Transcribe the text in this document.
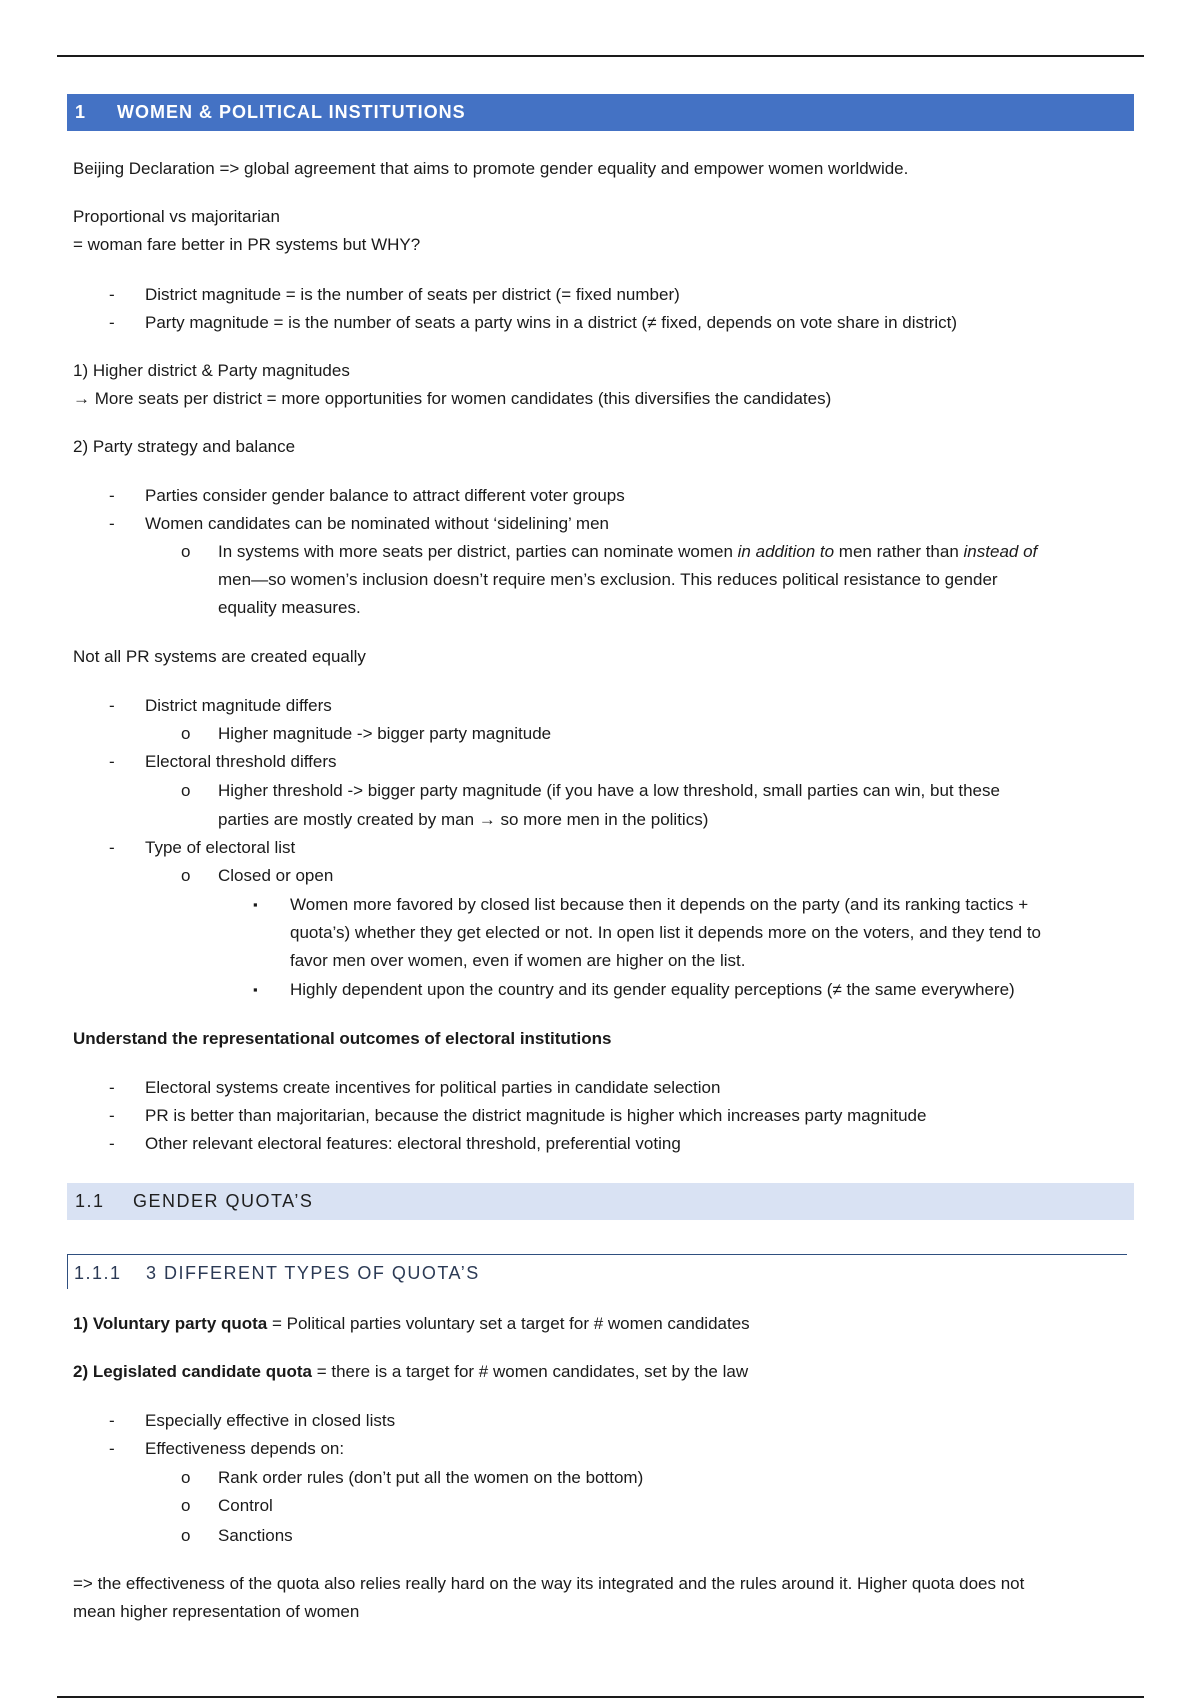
1 WOMEN & POLITICAL INSTITUTIONS
Beijing Declaration => global agreement that aims to promote gender equality and empower women worldwide.
Proportional vs majoritarian
= woman fare better in PR systems but WHY?
- District magnitude = is the number of seats per district (= fixed number)
- Party magnitude = is the number of seats a party wins in a district (≠ fixed, depends on vote share in district)
1) Higher district & Party magnitudes
→ More seats per district = more opportunities for women candidates (this diversifies the candidates)
2) Party strategy and balance
- Parties consider gender balance to attract different voter groups
- Women candidates can be nominated without ‘sidelining’ men
o In systems with more seats per district, parties can nominate women in addition to men rather than instead of
men—so women’s inclusion doesn’t require men’s exclusion. This reduces political resistance to gender
equality measures.
Not all PR systems are created equally
- District magnitude differs
o Higher magnitude -> bigger party magnitude
- Electoral threshold differs
o Higher threshold -> bigger party magnitude (if you have a low threshold, small parties can win, but these
parties are mostly created by man → so more men in the politics)
- Type of electoral list
o Closed or open
▪ Women more favored by closed list because then it depends on the party (and its ranking tactics +
quota’s) whether they get elected or not. In open list it depends more on the voters, and they tend to
favor men over women, even if women are higher on the list.
▪ Highly dependent upon the country and its gender equality perceptions (≠ the same everywhere)
Understand the representational outcomes of electoral institutions
- Electoral systems create incentives for political parties in candidate selection
- PR is better than majoritarian, because the district magnitude is higher which increases party magnitude
- Other relevant electoral features: electoral threshold, preferential voting
1.1 GENDER QUOTA’S
1.1.1 3 DIFFERENT TYPES OF QUOTA’S
1) Voluntary party quota = Political parties voluntary set a target for # women candidates
2) Legislated candidate quota = there is a target for # women candidates, set by the law
- Especially effective in closed lists
- Effectiveness depends on:
o Rank order rules (don’t put all the women on the bottom)
o Control
o Sanctions
=> the effectiveness of the quota also relies really hard on the way its integrated and the rules around it. Higher quota does not
mean higher representation of women
